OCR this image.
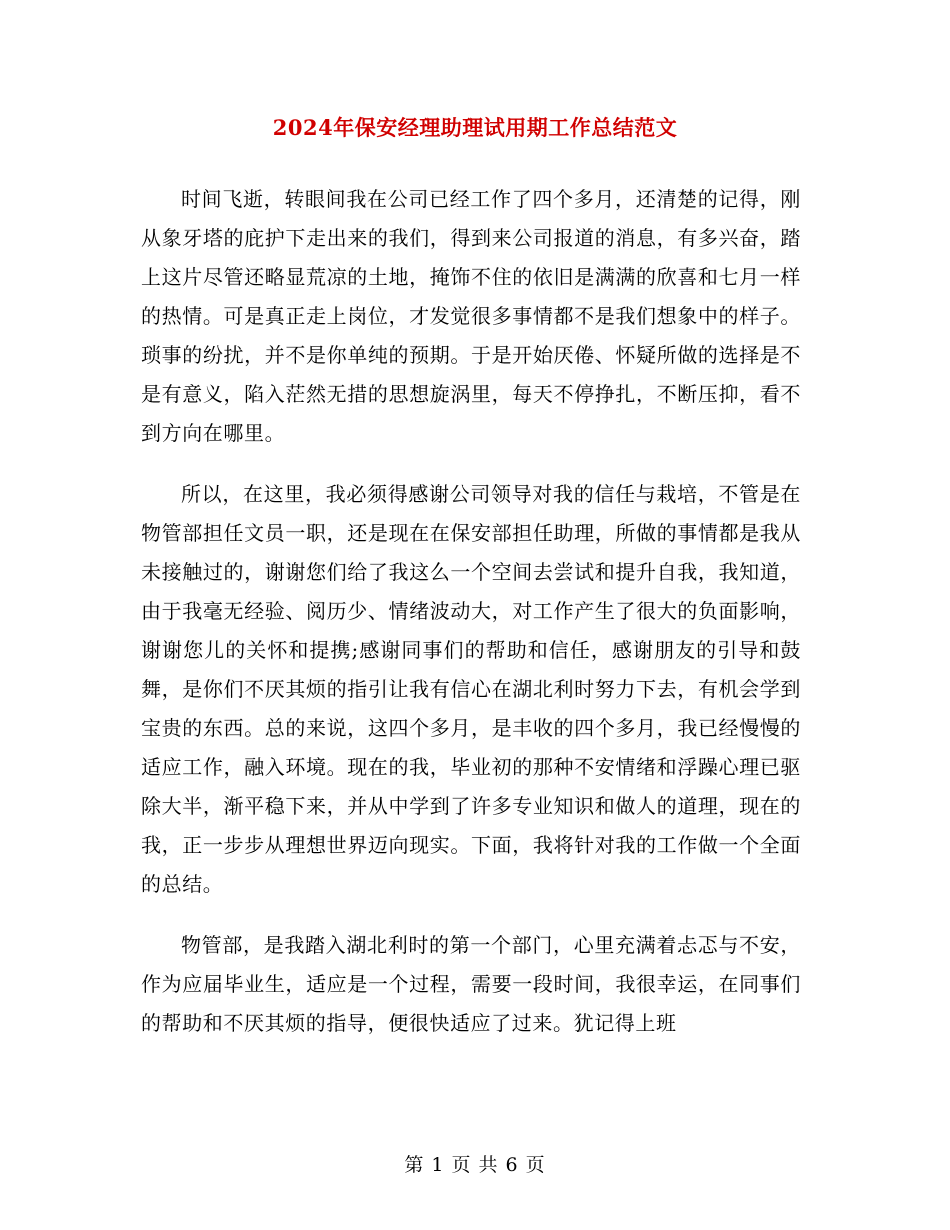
2024年保安经理助理试用期工作总结范文

时间飞逝，转眼间我在公司已经工作了四个多月，还清楚的记得，刚从象牙塔的庇护下走出来的我们，得到来公司报道的消息，有多兴奋，踏上这片尽管还略显荒凉的土地，掩饰不住的依旧是满满的欣喜和七月一样的热情。可是真正走上岗位，才发觉很多事情都不是我们想象中的样子。琐事的纷扰，并不是你单纯的预期。于是开始厌倦、怀疑所做的选择是不是有意义，陷入茫然无措的思想旋涡里，每天不停挣扎，不断压抑，看不到方向在哪里。

所以，在这里，我必须得感谢公司领导对我的信任与栽培，不管是在物管部担任文员一职，还是现在在保安部担任助理，所做的事情都是我从未接触过的，谢谢您们给了我这么一个空间去尝试和提升自我，我知道，由于我毫无经验、阅历少、情绪波动大，对工作产生了很大的负面影响，谢谢您儿的关怀和提携;感谢同事们的帮助和信任，感谢朋友的引导和鼓舞，是你们不厌其烦的指引让我有信心在湖北利时努力下去，有机会学到宝贵的东西。总的来说，这四个多月，是丰收的四个多月，我已经慢慢的适应工作，融入环境。现在的我，毕业初的那种不安情绪和浮躁心理已驱除大半，渐平稳下来，并从中学到了许多专业知识和做人的道理，现在的我，正一步步从理想世界迈向现实。下面，我将针对我的工作做一个全面的总结。

物管部，是我踏入湖北利时的第一个部门，心里充满着忐忑与不安，作为应届毕业生，适应是一个过程，需要一段时间，我很幸运，在同事们的帮助和不厌其烦的指导，便很快适应了过来。犹记得上班

第 1 页 共 6 页
